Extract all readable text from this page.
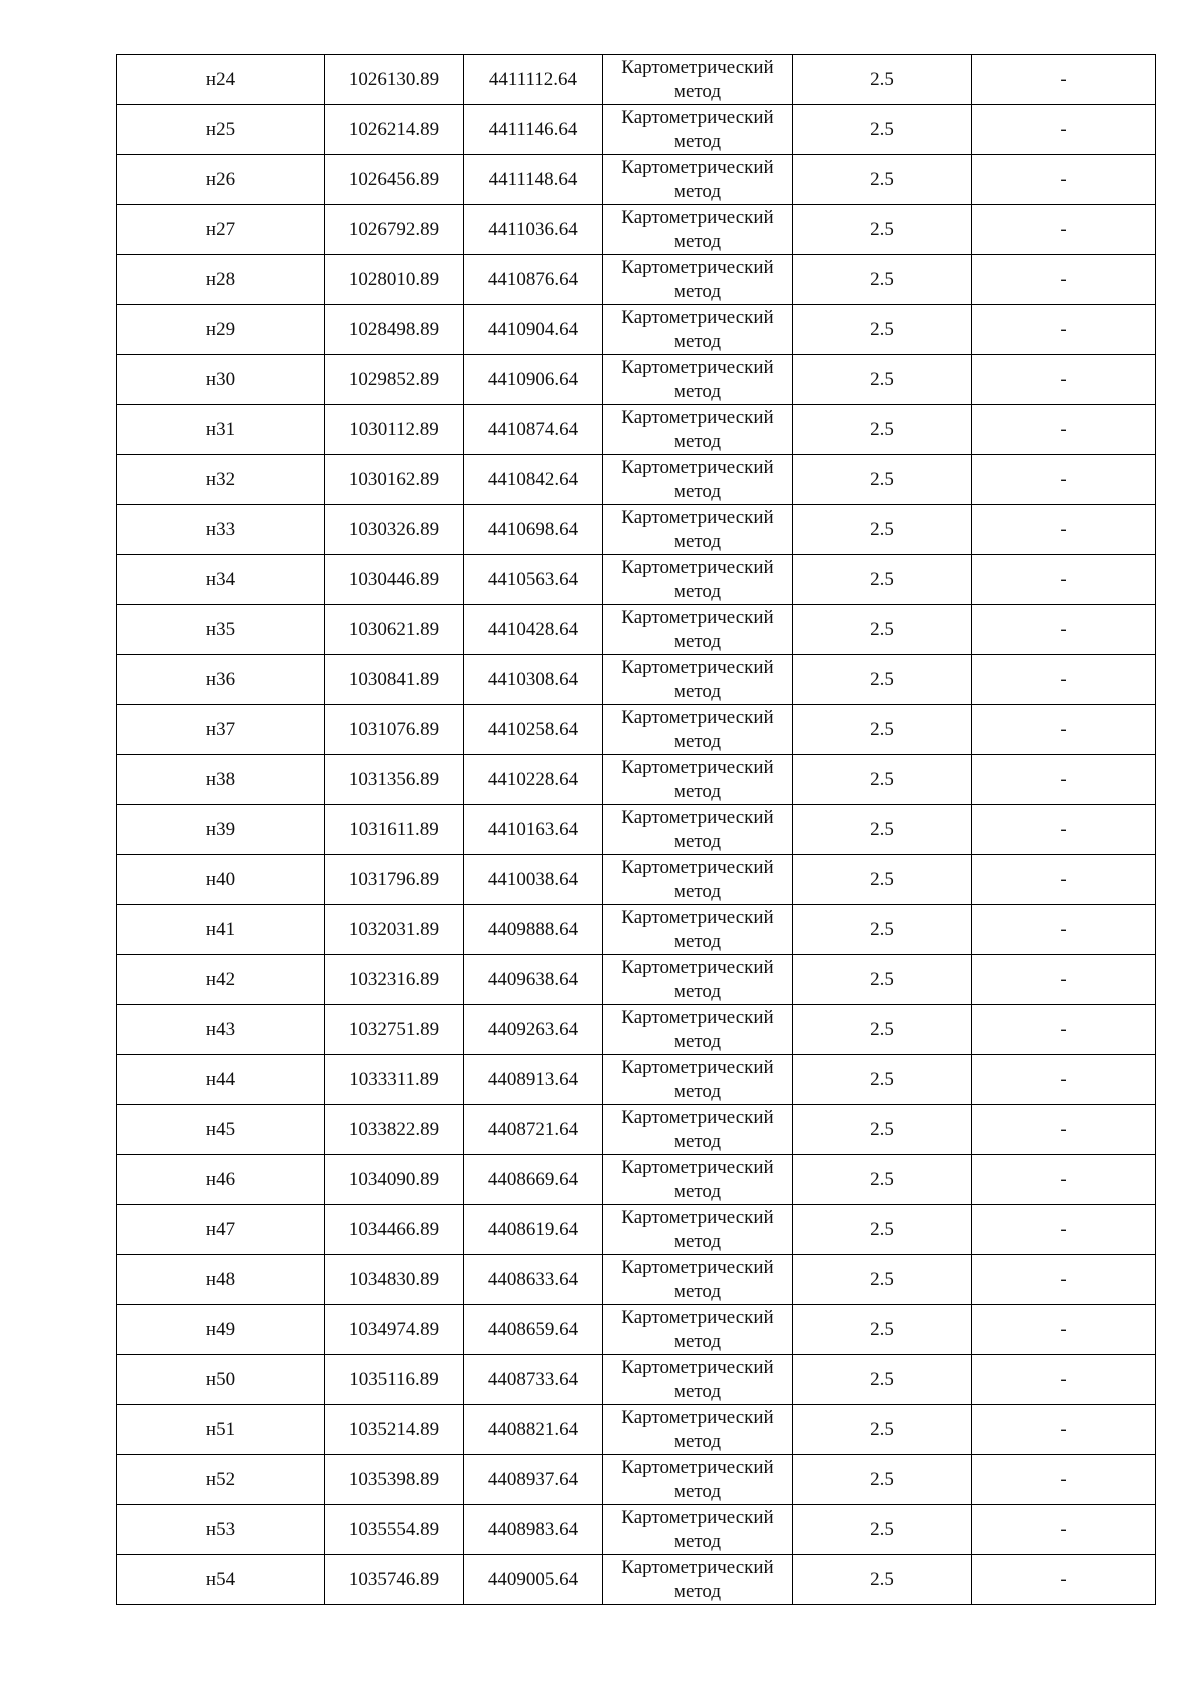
н24	1026130.89	4411112.64	Картометрический метод	2.5	-
н25	1026214.89	4411146.64	Картометрический метод	2.5	-
н26	1026456.89	4411148.64	Картометрический метод	2.5	-
н27	1026792.89	4411036.64	Картометрический метод	2.5	-
н28	1028010.89	4410876.64	Картометрический метод	2.5	-
н29	1028498.89	4410904.64	Картометрический метод	2.5	-
н30	1029852.89	4410906.64	Картометрический метод	2.5	-
н31	1030112.89	4410874.64	Картометрический метод	2.5	-
н32	1030162.89	4410842.64	Картометрический метод	2.5	-
н33	1030326.89	4410698.64	Картометрический метод	2.5	-
н34	1030446.89	4410563.64	Картометрический метод	2.5	-
н35	1030621.89	4410428.64	Картометрический метод	2.5	-
н36	1030841.89	4410308.64	Картометрический метод	2.5	-
н37	1031076.89	4410258.64	Картометрический метод	2.5	-
н38	1031356.89	4410228.64	Картометрический метод	2.5	-
н39	1031611.89	4410163.64	Картометрический метод	2.5	-
н40	1031796.89	4410038.64	Картометрический метод	2.5	-
н41	1032031.89	4409888.64	Картометрический метод	2.5	-
н42	1032316.89	4409638.64	Картометрический метод	2.5	-
н43	1032751.89	4409263.64	Картометрический метод	2.5	-
н44	1033311.89	4408913.64	Картометрический метод	2.5	-
н45	1033822.89	4408721.64	Картометрический метод	2.5	-
н46	1034090.89	4408669.64	Картометрический метод	2.5	-
н47	1034466.89	4408619.64	Картометрический метод	2.5	-
н48	1034830.89	4408633.64	Картометрический метод	2.5	-
н49	1034974.89	4408659.64	Картометрический метод	2.5	-
н50	1035116.89	4408733.64	Картометрический метод	2.5	-
н51	1035214.89	4408821.64	Картометрический метод	2.5	-
н52	1035398.89	4408937.64	Картометрический метод	2.5	-
н53	1035554.89	4408983.64	Картометрический метод	2.5	-
н54	1035746.89	4409005.64	Картометрический метод	2.5	-
